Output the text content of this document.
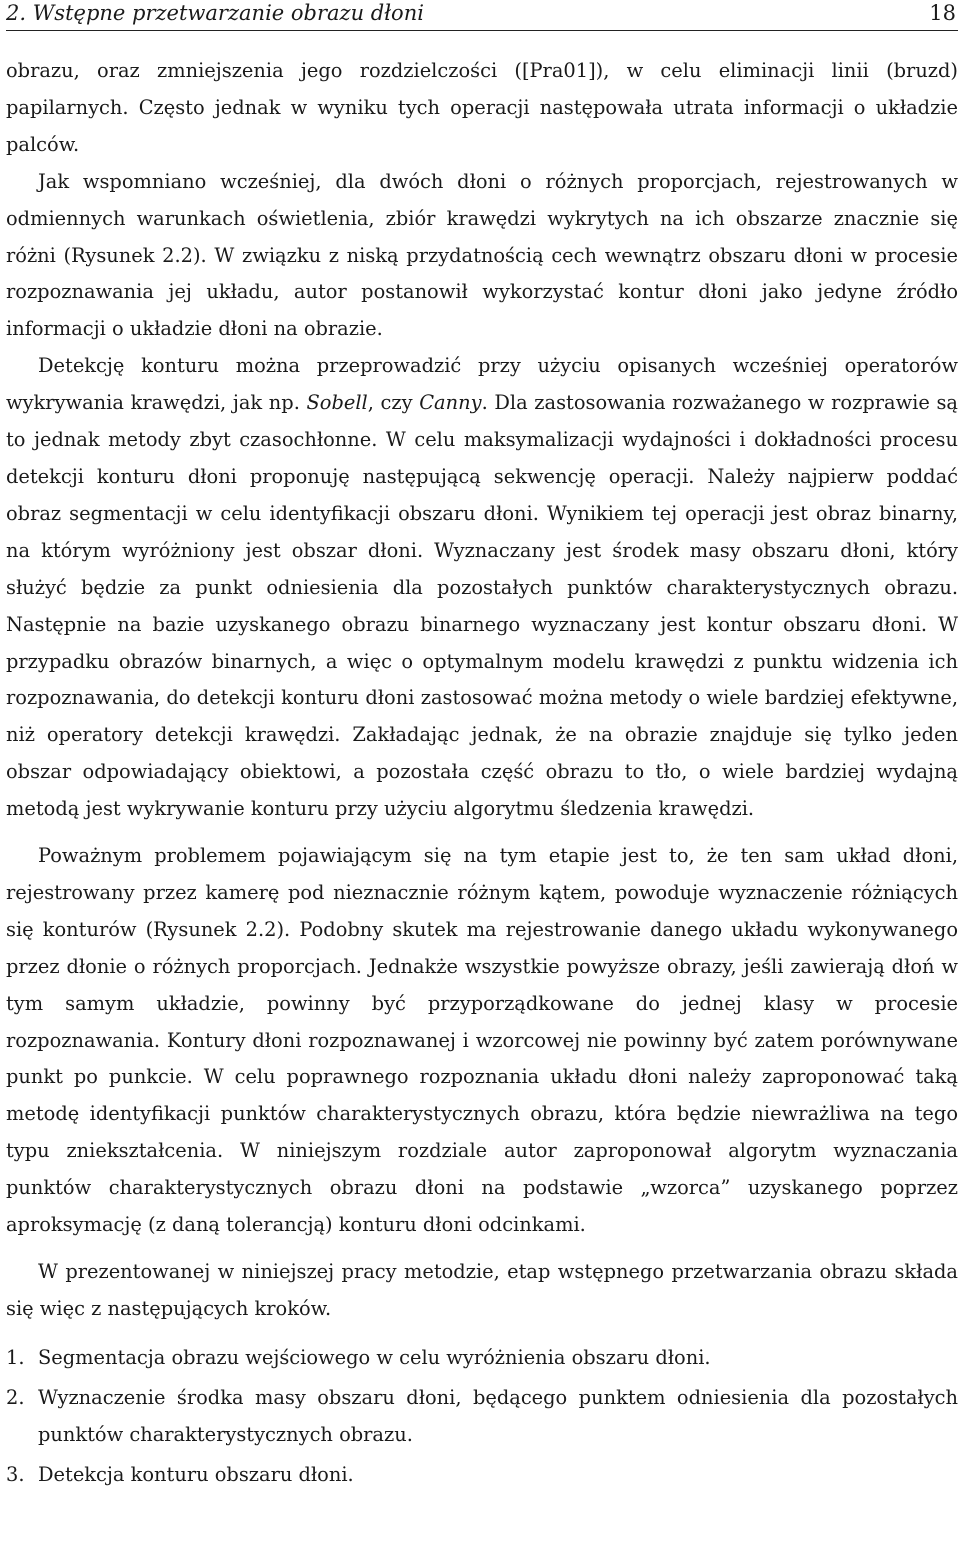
2. Wstępne przetwarzanie obrazu dłoni	18

obrazu, oraz zmniejszenia jego rozdzielczości ([Pra01]), w celu eliminacji linii (bruzd) papilarnych. Często jednak w wyniku tych operacji następowała utrata informacji o układzie palców.

Jak wspomniano wcześniej, dla dwóch dłoni o różnych proporcjach, rejestrowanych w odmiennych warunkach oświetlenia, zbiór krawędzi wykrytych na ich obszarze znacznie się różni (Rysunek 2.2). W związku z niską przydatnością cech wewnątrz obszaru dłoni w procesie rozpoznawania jej układu, autor postanowił wykorzystać kontur dłoni jako jedyne źródło informacji o układzie dłoni na obrazie.

Detekcję konturu można przeprowadzić przy użyciu opisanych wcześniej operatorów wykrywania krawędzi, jak np. Sobell, czy Canny. Dla zastosowania rozważanego w rozprawie są to jednak metody zbyt czasochłonne. W celu maksymalizacji wydajności i dokładności procesu detekcji konturu dłoni proponuję następującą sekwencję operacji. Należy najpierw poddać obraz segmentacji w celu identyfikacji obszaru dłoni. Wynikiem tej operacji jest obraz binarny, na którym wyróżniony jest obszar dłoni. Wyznaczany jest środek masy obszaru dłoni, który służyć będzie za punkt odniesienia dla pozostałych punktów charakterystycznych obrazu. Następnie na bazie uzyskanego obrazu binarnego wyznaczany jest kontur obszaru dłoni. W przypadku obrazów binarnych, a więc o optymalnym modelu krawędzi z punktu widzenia ich rozpoznawania, do detekcji konturu dłoni zastosować można metody o wiele bardziej efektywne, niż operatory detekcji krawędzi. Zakładając jednak, że na obrazie znajduje się tylko jeden obszar odpowiadający obiektowi, a pozostała część obrazu to tło, o wiele bardziej wydajną metodą jest wykrywanie konturu przy użyciu algorytmu śledzenia krawędzi.

Poważnym problemem pojawiającym się na tym etapie jest to, że ten sam układ dłoni, rejestrowany przez kamerę pod nieznacznie różnym kątem, powoduje wyznaczenie różniących się konturów (Rysunek 2.2). Podobny skutek ma rejestrowanie danego układu wykonywanego przez dłonie o różnych proporcjach. Jednakże wszystkie powyższe obrazy, jeśli zawierają dłoń w tym samym układzie, powinny być przyporządkowane do jednej klasy w procesie rozpoznawania. Kontury dłoni rozpoznawanej i wzorcowej nie powinny być zatem porównywane punkt po punkcie. W celu poprawnego rozpoznania układu dłoni należy zaproponować taką metodę identyfikacji punktów charakterystycznych obrazu, która będzie niewrażliwa na tego typu zniekształcenia. W niniejszym rozdziale autor zaproponował algorytm wyznaczania punktów charakterystycznych obrazu dłoni na podstawie „wzorca” uzyskanego poprzez aproksymację (z daną tolerancją) konturu dłoni odcinkami.

W prezentowanej w niniejszej pracy metodzie, etap wstępnego przetwarzania obrazu składa się więc z następujących kroków.

1. Segmentacja obrazu wejściowego w celu wyróżnienia obszaru dłoni.
2. Wyznaczenie środka masy obszaru dłoni, będącego punktem odniesienia dla pozostałych punktów charakterystycznych obrazu.
3. Detekcja konturu obszaru dłoni.
